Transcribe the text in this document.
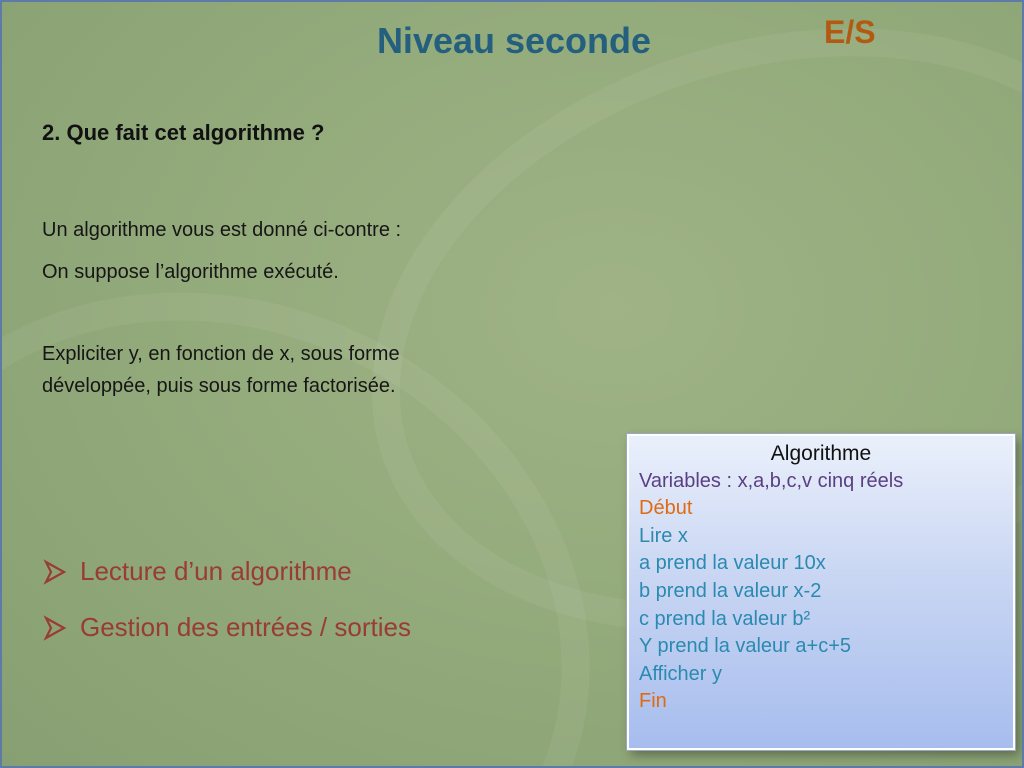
Niveau seconde	E/S
2. Que fait cet algorithme ?
Un algorithme vous est donné ci-contre :
On suppose l’algorithme exécuté.
Expliciter y, en fonction de x, sous forme
développée, puis sous forme factorisée.
Lecture d’un algorithme
Gestion des entrées / sorties
Algorithme
Variables : x,a,b,c,v cinq réels
Début
Lire x
a prend la valeur 10x
b prend la valeur x-2
c prend la valeur b²
Y prend la valeur a+c+5
Afficher y
Fin
